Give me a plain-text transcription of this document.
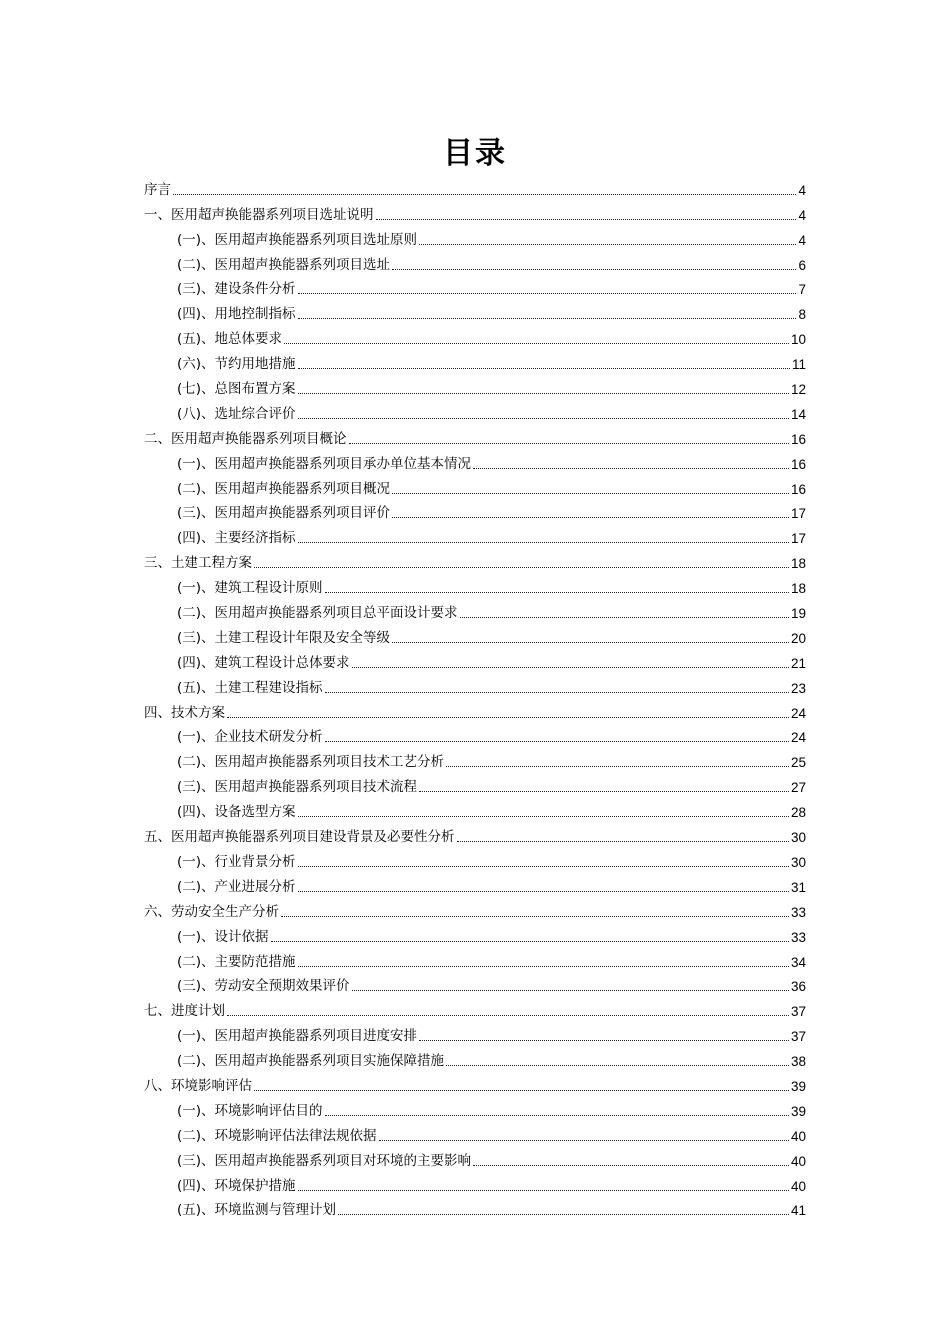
目录
序言	4
一、医用超声换能器系列项目选址说明	4
(一)、医用超声换能器系列项目选址原则	4
(二)、医用超声换能器系列项目选址	6
(三)、建设条件分析	7
(四)、用地控制指标	8
(五)、地总体要求	10
(六)、节约用地措施	11
(七)、总图布置方案	12
(八)、选址综合评价	14
二、医用超声换能器系列项目概论	16
(一)、医用超声换能器系列项目承办单位基本情况	16
(二)、医用超声换能器系列项目概况	16
(三)、医用超声换能器系列项目评价	17
(四)、主要经济指标	17
三、土建工程方案	18
(一)、建筑工程设计原则	18
(二)、医用超声换能器系列项目总平面设计要求	19
(三)、土建工程设计年限及安全等级	20
(四)、建筑工程设计总体要求	21
(五)、土建工程建设指标	23
四、技术方案	24
(一)、企业技术研发分析	24
(二)、医用超声换能器系列项目技术工艺分析	25
(三)、医用超声换能器系列项目技术流程	27
(四)、设备选型方案	28
五、医用超声换能器系列项目建设背景及必要性分析	30
(一)、行业背景分析	30
(二)、产业进展分析	31
六、劳动安全生产分析	33
(一)、设计依据	33
(二)、主要防范措施	34
(三)、劳动安全预期效果评价	36
七、进度计划	37
(一)、医用超声换能器系列项目进度安排	37
(二)、医用超声换能器系列项目实施保障措施	38
八、环境影响评估	39
(一)、环境影响评估目的	39
(二)、环境影响评估法律法规依据	40
(三)、医用超声换能器系列项目对环境的主要影响	40
(四)、环境保护措施	40
(五)、环境监测与管理计划	41
